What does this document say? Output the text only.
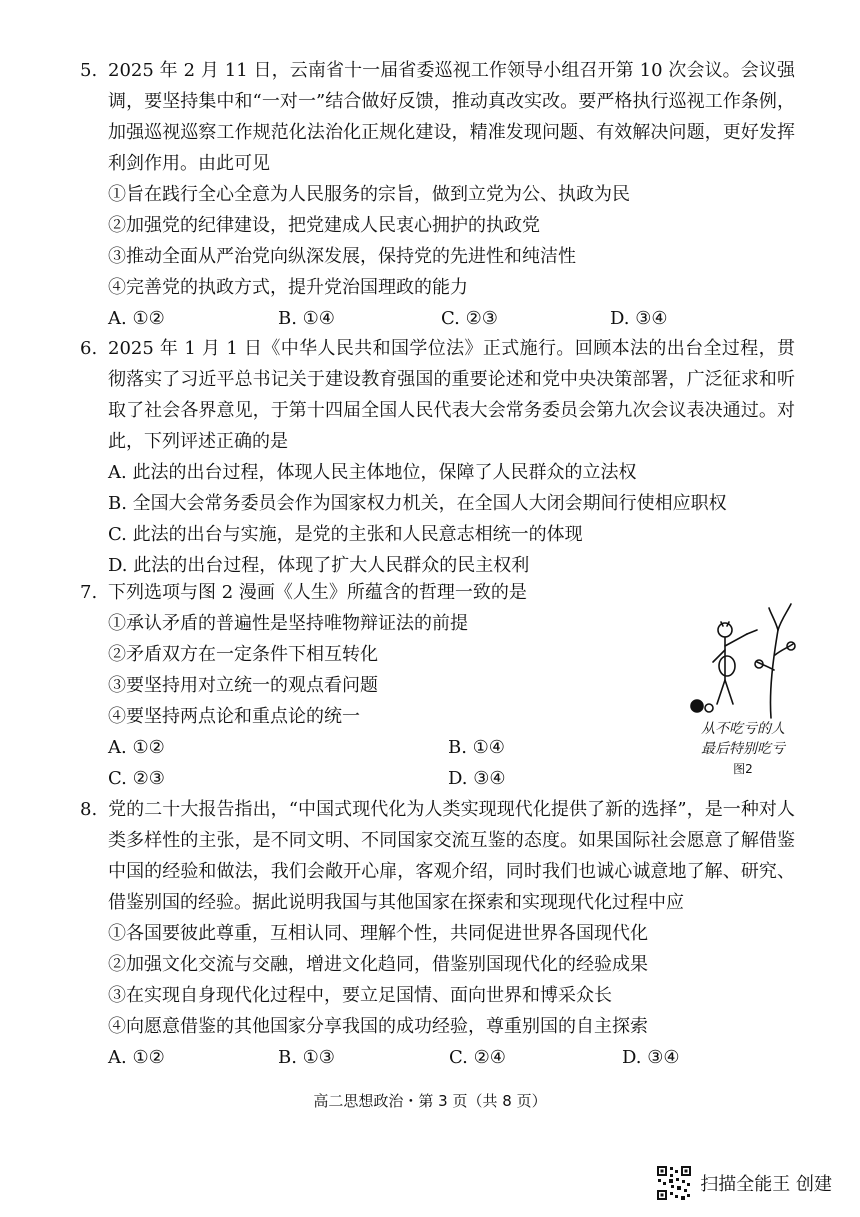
5. 2025 年 2 月 11 日，云南省十一届省委巡视工作领导小组召开第 10 次会议。会议强调，要坚持集中和“一对一”结合做好反馈，推动真改实改。要严格执行巡视工作条例，加强巡视巡察工作规范化法治化正规化建设，精准发现问题、有效解决问题，更好发挥利剑作用。由此可见

①旨在践行全心全意为人民服务的宗旨，做到立党为公、执政为民

②加强党的纪律建设，把党建成人民衷心拥护的执政党

③推动全面从严治党向纵深发展，保持党的先进性和纯洁性

④完善党的执政方式，提升党治国理政的能力

A. ①②	B. ①④	C. ②③	D. ③④

6. 2025 年 1 月 1 日《中华人民共和国学位法》正式施行。回顾本法的出台全过程，贯彻落实了习近平总书记关于建设教育强国的重要论述和党中央决策部署，广泛征求和听取了社会各界意见，于第十四届全国人民代表大会常务委员会第九次会议表决通过。对此，下列评述正确的是

A. 此法的出台过程，体现人民主体地位，保障了人民群众的立法权

B. 全国大会常务委员会作为国家权力机关，在全国人大闭会期间行使相应职权

C. 此法的出台与实施，是党的主张和人民意志相统一的体现

D. 此法的出台过程，体现了扩大人民群众的民主权利

7. 下列选项与图 2 漫画《人生》所蕴含的哲理一致的是

①承认矛盾的普遍性是坚持唯物辩证法的前提

②矛盾双方在一定条件下相互转化

③要坚持用对立统一的观点看问题

④要坚持两点论和重点论的统一

A. ①②	B. ①④
C. ②③	D. ③④
从不吃亏的人
最后特别吃亏
图2

8. 党的二十大报告指出，“中国式现代化为人类实现现代化提供了新的选择”，是一种对人类多样性的主张，是不同文明、不同国家交流互鉴的态度。如果国际社会愿意了解借鉴中国的经验和做法，我们会敞开心扉，客观介绍，同时我们也诚心诚意地了解、研究、借鉴别国的经验。据此说明我国与其他国家在探索和实现现代化过程中应

①各国要彼此尊重，互相认同、理解个性，共同促进世界各国现代化

②加强文化交流与交融，增进文化趋同，借鉴别国现代化的经验成果

③在实现自身现代化过程中，要立足国情、面向世界和博采众长

④向愿意借鉴的其他国家分享我国的成功经验，尊重别国的自主探索

A. ①②	B. ①③	C. ②④	D. ③④
高二思想政治・第 3 页（共 8 页）
扫描全能王 创建
